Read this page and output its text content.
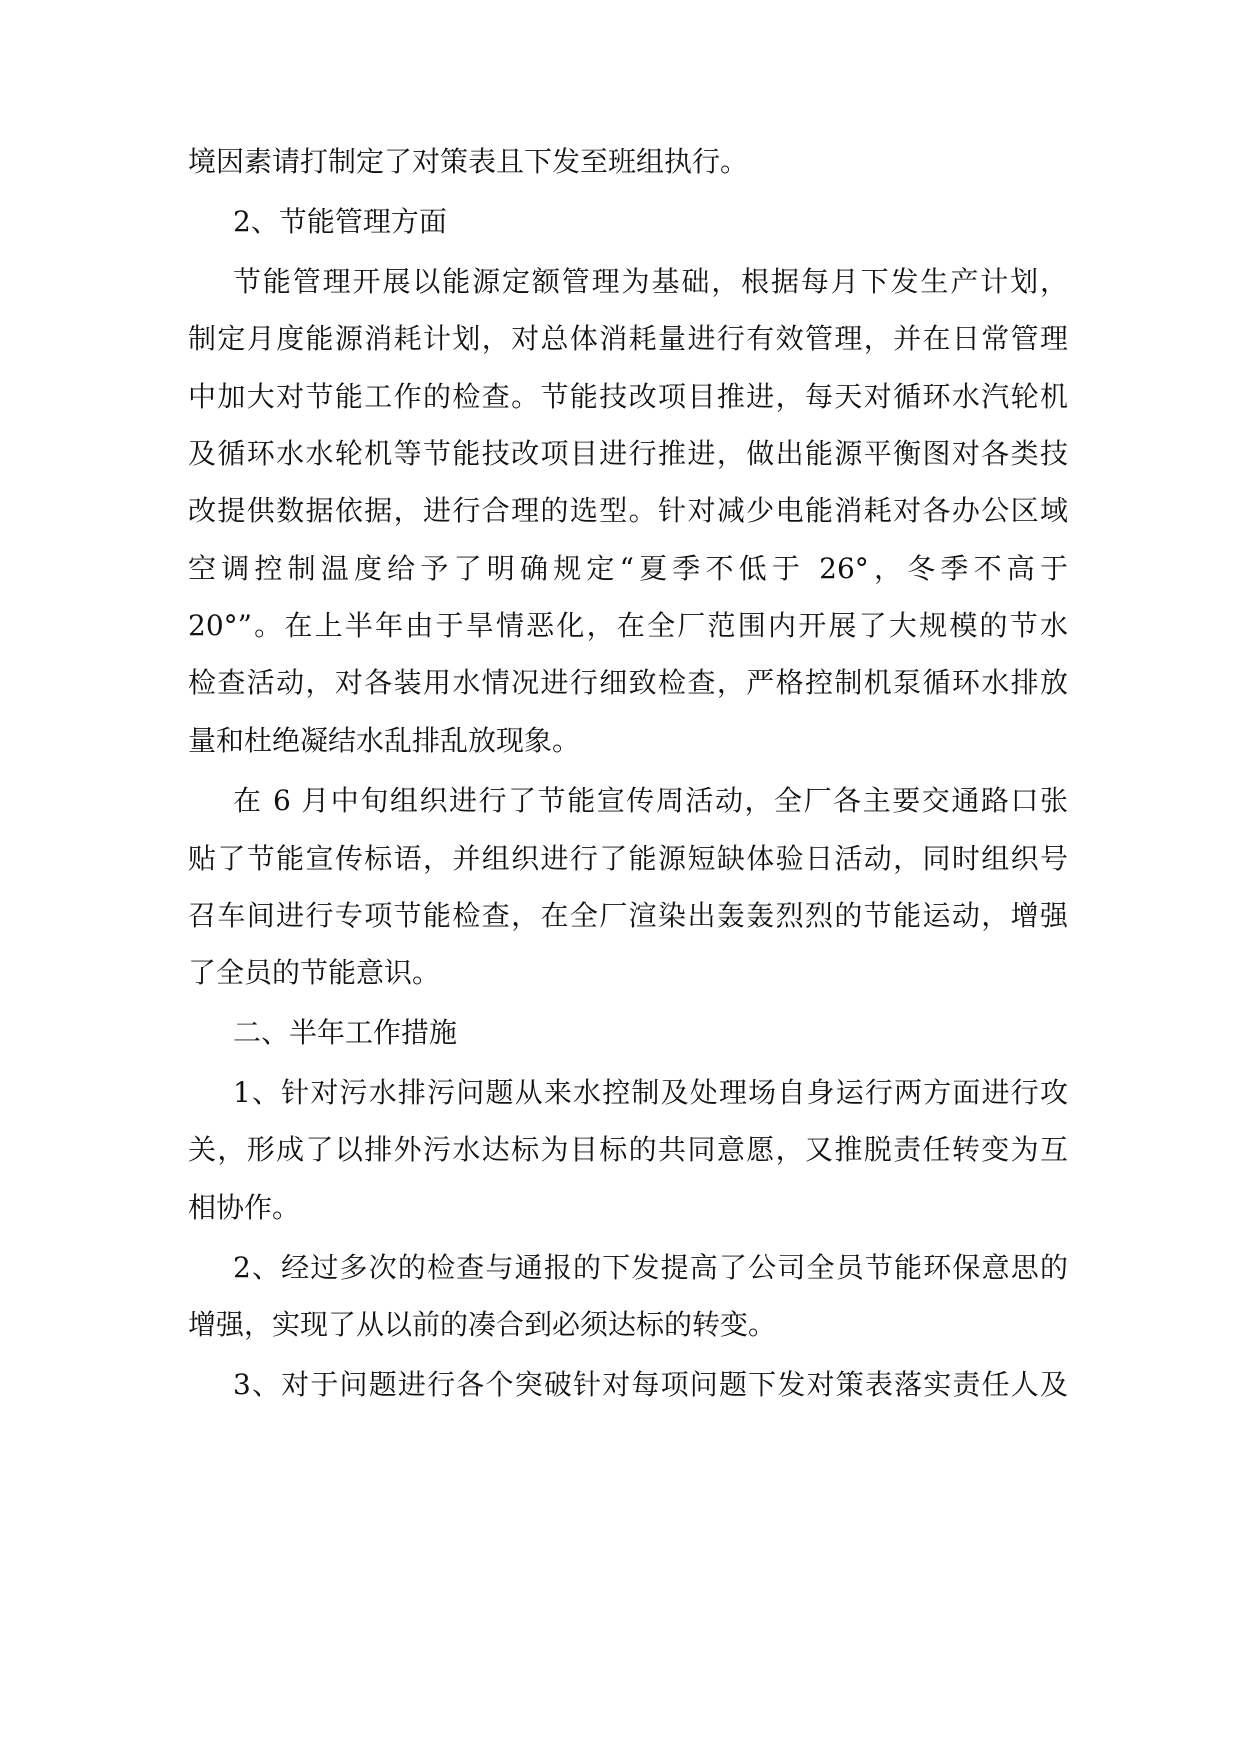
境因素请打制定了对策表且下发至班组执行。
2、节能管理方面
节能管理开展以能源定额管理为基础，根据每月下发生产计划，
制定月度能源消耗计划，对总体消耗量进行有效管理，并在日常管理
中加大对节能工作的检查。节能技改项目推进，每天对循环水汽轮机
及循环水水轮机等节能技改项目进行推进，做出能源平衡图对各类技
改提供数据依据，进行合理的选型。针对减少电能消耗对各办公区域
空调控制温度给予了明确规定“夏季不低于 26°，冬季不高于
20°”。在上半年由于旱情恶化，在全厂范围内开展了大规模的节水
检查活动，对各装用水情况进行细致检查，严格控制机泵循环水排放
量和杜绝凝结水乱排乱放现象。
在 6 月中旬组织进行了节能宣传周活动，全厂各主要交通路口张
贴了节能宣传标语，并组织进行了能源短缺体验日活动，同时组织号
召车间进行专项节能检查，在全厂渲染出轰轰烈烈的节能运动，增强
了全员的节能意识。
二、半年工作措施
1、针对污水排污问题从来水控制及处理场自身运行两方面进行攻
关，形成了以排外污水达标为目标的共同意愿，又推脱责任转变为互
相协作。
2、经过多次的检查与通报的下发提高了公司全员节能环保意思的
增强，实现了从以前的凑合到必须达标的转变。
3、对于问题进行各个突破针对每项问题下发对策表落实责任人及
